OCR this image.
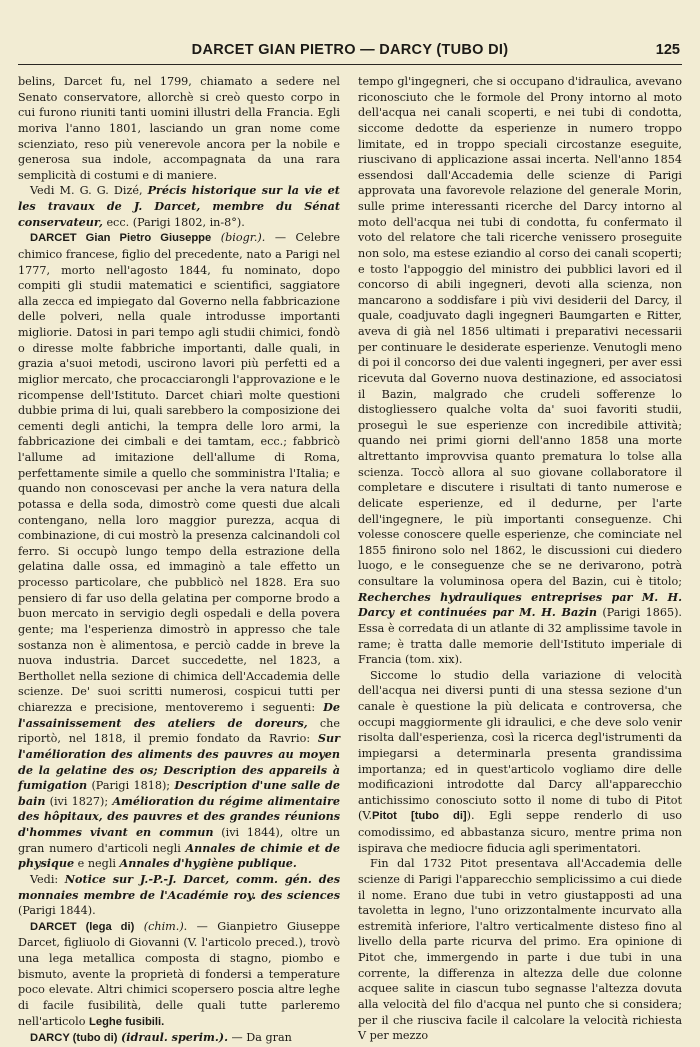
DARCET GIAN PIETRO — DARCY (TUBO DI)	125

belins, Darcet fu, nel 1799, chiamato a sedere nel Senato conservatore, allorchè si creò questo corpo in cui furono riuniti tanti uomini illustri della Francia. Egli moriva l'anno 1801, lasciando un gran nome come scienziato, reso più venerevole ancora per la nobile e generosa sua indole, accompagnata da una rara semplicità di costumi e di maniere.

Vedi M. G. G. Dizé, Précis historique sur la vie et les travaux de J. Darcet, membre du Sénat conservateur, ecc. (Parigi 1802, in-8°).

DARCET Gian Pietro Giuseppe (biogr.). — Celebre chimico francese, figlio del precedente, nato a Parigi nel 1777, morto nell'agosto 1844, fu nominato, dopo compiti gli studii matematici e scientifici, saggiatore alla zecca ed impiegato dal Governo nella fabbricazione delle polveri, nella quale introdusse importanti migliorie. Datosi in pari tempo agli studii chimici, fondò o diresse molte fabbriche importanti, dalle quali, in grazia a'suoi metodi, uscirono lavori più perfetti ed a miglior mercato, che procacciarongli l'approvazione e le ricompense dell'Istituto. Darcet chiarì molte questioni dubbie prima di lui, quali sarebbero la composizione dei cementi degli antichi, la tempra delle loro armi, la fabbricazione dei cimbali e dei tamtam, ecc.; fabbricò l'allume ad imitazione dell'allume di Roma, perfettamente simile a quello che somministra l'Italia; e quando non conoscevasi per anche la vera natura della potassa e della soda, dimostrò come questi due alcali contengano, nella loro maggior purezza, acqua di combinazione, di cui mostrò la presenza calcinandoli col ferro. Si occupò lungo tempo della estrazione della gelatina dalle ossa, ed immaginò a tale effetto un processo particolare, che pubblicò nel 1828. Era suo pensiero di far uso della gelatina per comporne brodo a buon mercato in servigio degli ospedali e della povera gente; ma l'esperienza dimostrò in appresso che tale sostanza non è alimentosa, e perciò cadde in breve la nuova industria. Darcet succedette, nel 1823, a Berthollet nella sezione di chimica dell'Accademia delle scienze. De' suoi scritti numerosi, cospicui tutti per chiarezza e precisione, mentoveremo i seguenti: De l'assainissement des ateliers de doreurs, che riportò, nel 1818, il premio fondato da Ravrio: Sur l'amélioration des aliments des pauvres au moyen de la gelatine des os; Description des appareils à fumigation (Parigi 1818); Description d'une salle de bain (ivi 1827); Amélioration du régime alimentaire des hôpitaux, des pauvres et des grandes réunions d'hommes vivant en commun (ivi 1844), oltre un gran numero d'articoli negli Annales de chimie et de physique e negli Annales d'hygiène publique.

Vedi: Notice sur J.-P.-J. Darcet, comm. gén. des monnaies membre de l'Académie roy. des sciences (Parigi 1844).

DARCET (lega di) (chim.). — Gianpietro Giuseppe Darcet, figliuolo di Giovanni (V. l'articolo preced.), trovò una lega metallica composta di stagno, piombo e bismuto, avente la proprietà di fondersi a temperature poco elevate. Altri chimici scopersero poscia altre leghe di facile fusibilità, delle quali tutte parleremo nell'articolo Leghe fusibili.

DARCY (tubo di) (idraul. sperim.). — Da gran

tempo gl'ingegneri, che si occupano d'idraulica, avevano riconosciuto che le formole del Prony intorno al moto dell'acqua nei canali scoperti, e nei tubi di condotta, siccome dedotte da esperienze in numero troppo limitate, ed in troppo speciali circostanze eseguite, riuscivano di applicazione assai incerta. Nell'anno 1854 essendosi dall'Accademia delle scienze di Parigi approvata una favorevole relazione del generale Morin, sulle prime interessanti ricerche del Darcy intorno al moto dell'acqua nei tubi di condotta, fu confermato il voto del relatore che tali ricerche venissero proseguite non solo, ma estese eziandio al corso dei canali scoperti; e tosto l'appoggio del ministro dei pubblici lavori ed il concorso di abili ingegneri, devoti alla scienza, non mancarono a soddisfare i più vivi desiderii del Darcy, il quale, coadjuvato dagli ingegneri Baumgarten e Ritter, aveva di già nel 1856 ultimati i preparativi necessarii per continuare le desiderate esperienze. Venutogli meno di poi il concorso dei due valenti ingegneri, per aver essi ricevuta dal Governo nuova destinazione, ed associatosi il Bazin, malgrado che crudeli sofferenze lo distogliessero qualche volta da' suoi favoriti studii, proseguì le sue esperienze con incredibile attività; quando nei primi giorni dell'anno 1858 una morte altrettanto improvvisa quanto prematura lo tolse alla scienza. Toccò allora al suo giovane collaboratore il completare e discutere i risultati di tanto numerose e delicate esperienze, ed il dedurne, per l'arte dell'ingegnere, le più importanti conseguenze. Chi volesse conoscere quelle esperienze, che cominciate nel 1855 finirono solo nel 1862, le discussioni cui diedero luogo, e le conseguenze che se ne derivarono, potrà consultare la voluminosa opera del Bazin, cui è titolo; Recherches hydrauliques entreprises par M. H. Darcy et continuées par M. H. Bazin (Parigi 1865). Essa è corredata di un atlante di 32 amplissime tavole in rame; è tratta dalle memorie dell'Istituto imperiale di Francia (tom. xix).

Siccome lo studio della variazione di velocità dell'acqua nei diversi punti di una stessa sezione d'un canale è questione la più delicata e controversa, che occupi maggiormente gli idraulici, e che deve solo venir risolta dall'esperienza, così la ricerca degl'istrumenti da impiegarsi a determinarla presenta grandissima importanza; ed in quest'articolo vogliamo dire delle modificazioni introdotte dal Darcy all'apparecchio antichissimo conosciuto sotto il nome di tubo di Pitot (V.Pitot [tubo di]). Egli seppe renderlo di uso comodissimo, ed abbastanza sicuro, mentre prima non ispirava che mediocre fiducia agli sperimentatori.

Fin dal 1732 Pitot presentava all'Accademia delle scienze di Parigi l'apparecchio semplicissimo a cui diede il nome. Erano due tubi in vetro giustapposti ad una tavoletta in legno, l'uno orizzontalmente incurvato alla estremità inferiore, l'altro verticalmente disteso fino al livello della parte ricurva del primo. Era opinione di Pitot che, immergendo in parte i due tubi in una corrente, la differenza in altezza delle due colonne acquee salite in ciascun tubo segnasse l'altezza dovuta alla velocità del filo d'acqua nel punto che si considera; per il che riusciva facile il calcolare la velocità richiesta V per mezzo
